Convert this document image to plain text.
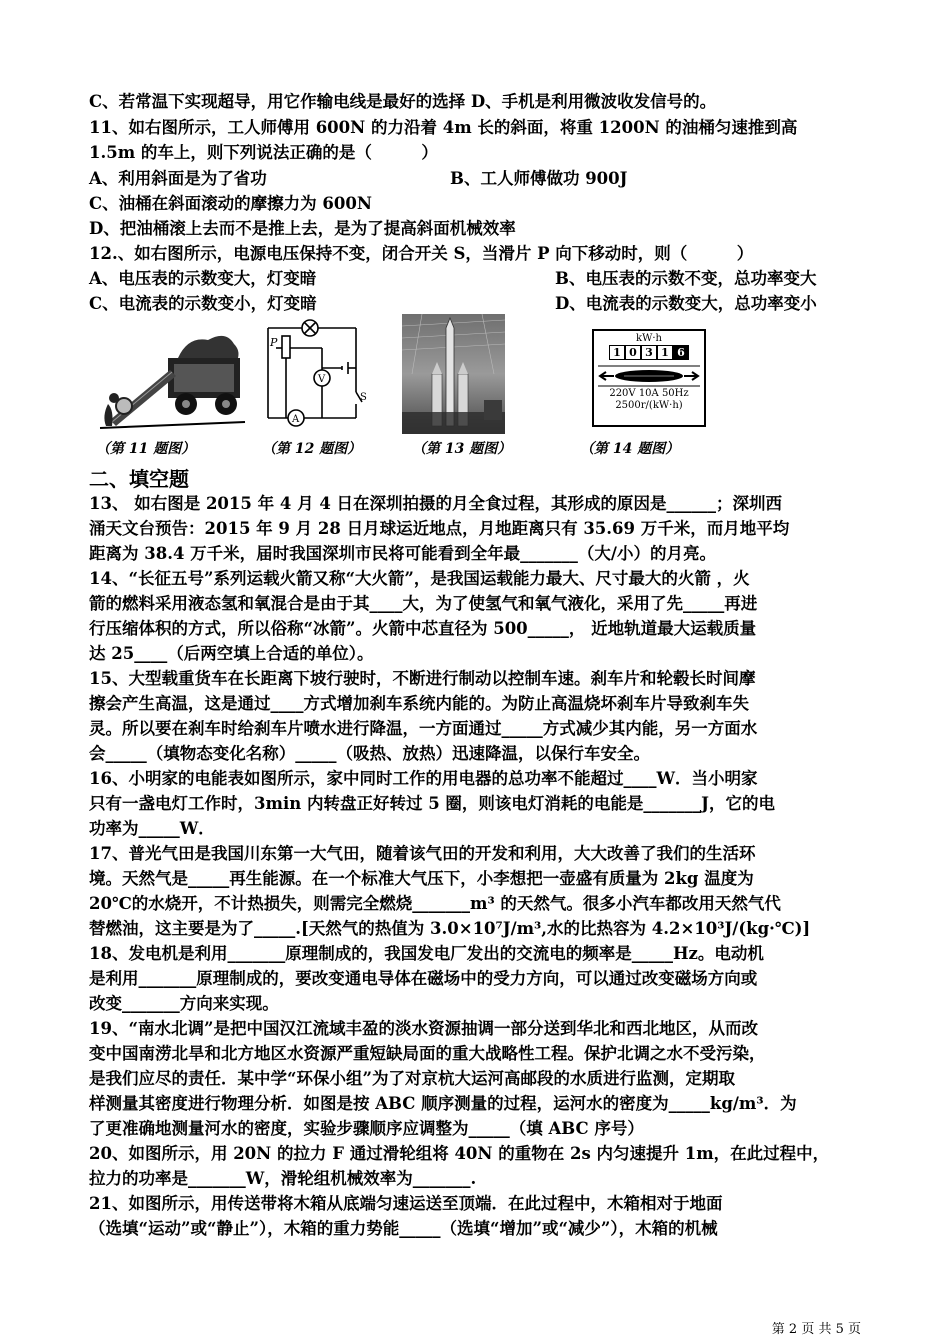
C、若常温下实现超导，用它作输电线是最好的选择 D、手机是利用微波收发信号的。
11、如右图所示，工人师傅用 600N 的力沿着 4m 长的斜面，将重 1200N 的油桶匀速推到高
1.5m 的车上，则下列说法正确的是（　　　）
A、利用斜面是为了省功	B、工人师傅做功 900J
C、油桶在斜面滚动的摩擦力为 600N
D、把油桶滚上去而不是推上去，是为了提高斜面机械效率
12.、如右图所示，电源电压保持不变，闭合开关 S，当滑片 P 向下移动时，则（　　　）
A、电压表的示数变大，灯变暗	B、电压表的示数不变，总功率变大
C、电流表的示数变小，灯变暗	D、电流表的示数变大，总功率变小
P
V
A
S
kW·h
1 0 3 1 6
220V 10A 50Hz
2500r/(kW·h)
（第 11 题图）	（第 12 题图）	（第 13 题图）	（第 14 题图）
二、填空题
13、 如右图是 2015 年 4 月 4 日在深圳拍摄的月全食过程，其形成的原因是______；深圳西
涌天文台预告：2015 年 9 月 28 日月球运近地点，月地距离只有 35.69 万千米，而月地平均
距离为 38.4 万千米，届时我国深圳市民将可能看到全年最_______（大/小）的月亮。
14、“长征五号”系列运载火箭又称“大火箭”，是我国运载能力最大、尺寸最大的火箭 ，火
箭的燃料采用液态氢和氧混合是由于其____大，为了使氢气和氧气液化，采用了先_____再进
行压缩体积的方式，所以俗称“冰箭”。火箭中芯直径为 500_____， 近地轨道最大运载质量
达 25____（后两空填上合适的单位）。
15、大型载重货车在长距离下坡行驶时，不断进行制动以控制车速。刹车片和轮毂长时间摩
擦会产生高温，这是通过____方式增加刹车系统内能的。为防止高温烧坏刹车片导致刹车失
灵。所以要在刹车时给刹车片喷水进行降温，一方面通过_____方式减少其内能，另一方面水
会_____（填物态变化名称）_____（吸热、放热）迅速降温，以保行车安全。
16、小明家的电能表如图所示，家中同时工作的用电器的总功率不能超过____W．当小明家
只有一盏电灯工作时，3min 内转盘正好转过 5 圈，则该电灯消耗的电能是_______J，它的电
功率为_____W．
17、普光气田是我国川东第一大气田，随着该气田的开发和利用，大大改善了我们的生活环
境。天然气是_____再生能源。在一个标准大气压下，小李想把一壶盛有质量为 2kg 温度为
20℃的水烧开，不计热损失，则需完全燃烧_______m³ 的天然气。很多小汽车都改用天然气代
替燃油，这主要是为了_____.[天然气的热值为 3.0×10⁷J/m³,水的比热容为 4.2×10³J/(kg·℃)]
18、发电机是利用_______原理制成的，我国发电厂发出的交流电的频率是_____Hz。电动机
是利用_______原理制成的，要改变通电导体在磁场中的受力方向，可以通过改变磁场方向或
改变_______方向来实现。
19、“南水北调”是把中国汉江流域丰盈的淡水资源抽调一部分送到华北和西北地区，从而改
变中国南涝北旱和北方地区水资源严重短缺局面的重大战略性工程。保护北调之水不受污染，
是我们应尽的责任．某中学“环保小组”为了对京杭大运河高邮段的水质进行监测，定期取
样测量其密度进行物理分析．如图是按 ABC 顺序测量的过程，运河水的密度为_____kg/m³．为
了更准确地测量河水的密度，实验步骤顺序应调整为_____（填 ABC 序号）
20、如图所示，用 20N 的拉力 F 通过滑轮组将 40N 的重物在 2s 内匀速提升 1m，在此过程中，
拉力的功率是_______W，滑轮组机械效率为_______.
21、如图所示，用传送带将木箱从底端匀速运送至顶端．在此过程中，木箱相对于地面
（选填“运动”或“静止”），木箱的重力势能_____（选填“增加”或“减少”），木箱的机械
第 2 页 共 5 页
